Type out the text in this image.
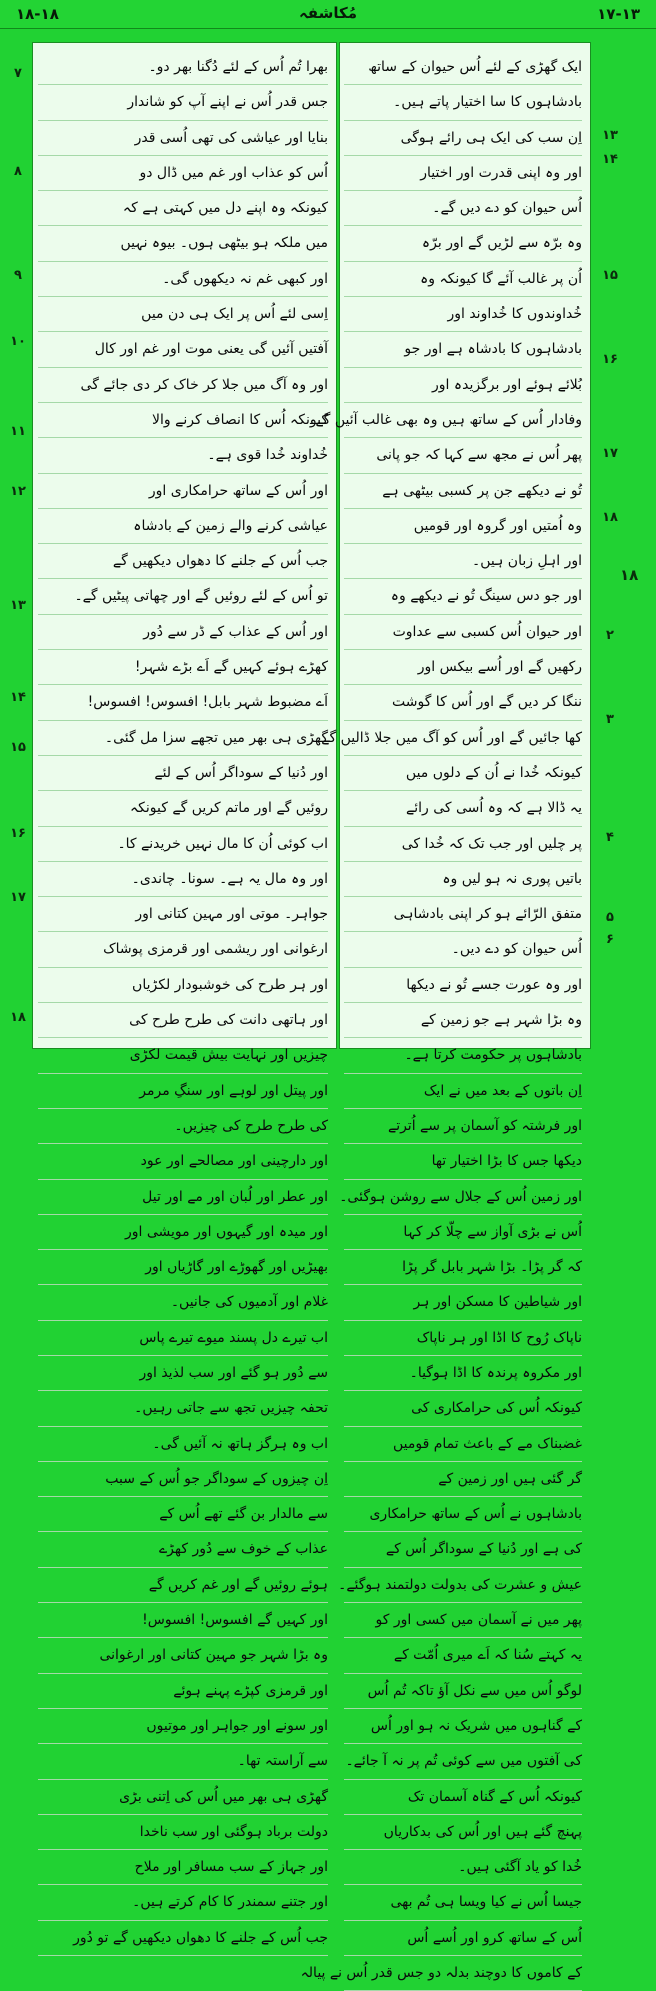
۱۸-۱۸	مُکاشفہ	۱۷-۱۳
ایک گھڑی کے لئے اُس حیوان کے ساتھ
بادشاہوں کا سا اختیار پاتے ہیں۔
اِن سب کی ایک ہی رائے ہوگی
اور وہ اپنی قدرت اور اختیار
اُس حیوان کو دے دیں گے۔
وہ برّہ سے لڑیں گے اور برّہ
اُن پر غالب آئے گا کیونکہ وہ
خُداوندوں کا خُداوند اور
بادشاہوں کا بادشاہ ہے اور جو
بُلائے ہوئے اور برگزیدہ اور
وفادار اُس کے ساتھ ہیں وہ بھی غالب آئیں گے۔
پھر اُس نے مجھ سے کہا کہ جو پانی
تُو نے دیکھے جن پر کسبی بیٹھی ہے
وہ اُمتیں اور گروہ اور قومیں
اور اہلِ زبان ہیں۔
اور جو دس سینگ تُو نے دیکھے وہ
اور حیوان اُس کسبی سے عداوت
رکھیں گے اور اُسے بیکس اور
ننگا کر دیں گے اور اُس کا گوشت
کھا جائیں گے اور اُس کو آگ میں جلا ڈالیں گے۔
کیونکہ خُدا نے اُن کے دلوں میں
یہ ڈالا ہے کہ وہ اُسی کی رائے
پر چلیں اور جب تک کہ خُدا کی
باتیں پوری نہ ہو لیں وہ
متفق الرّائے ہو کر اپنی بادشاہی
اُس حیوان کو دے دیں۔
اور وہ عورت جسے تُو نے دیکھا
وہ بڑا شہر ہے جو زمین کے
بادشاہوں پر حکومت کرتا ہے۔
اِن باتوں کے بعد میں نے ایک
اور فرشتہ کو آسمان پر سے اُترتے
دیکھا جس کا بڑا اختیار تھا
اور زمین اُس کے جلال سے روشن ہوگئی۔
اُس نے بڑی آواز سے چلّا کر کہا
کہ گر پڑا۔ بڑا شہر بابل گر پڑا
اور شیاطین کا مسکن اور ہر
ناپاک رُوح کا اڈا اور ہر ناپاک
اور مکروہ پرندہ کا اڈا ہوگیا۔
کیونکہ اُس کی حرامکاری کی
غضبناک مے کے باعث تمام قومیں
گر گئی ہیں اور زمین کے
بادشاہوں نے اُس کے ساتھ حرامکاری
کی ہے اور دُنیا کے سوداگر اُس کے
عیش و عشرت کی بدولت دولتمند ہوگئے۔
پھر میں نے آسمان میں کسی اور کو
یہ کہتے سُنا کہ اَے میری اُمّت کے
لوگو اُس میں سے نکل آؤ تاکہ تُم اُس
کے گناہوں میں شریک نہ ہو اور اُس
کی آفتوں میں سے کوئی تُم پر نہ آ جائے۔
کیونکہ اُس کے گناہ آسمان تک
پہنچ گئے ہیں اور اُس کی بدکاریاں
خُدا کو یاد آگئی ہیں۔
جیسا اُس نے کیا ویسا ہی تُم بھی
اُس کے ساتھ کرو اور اُسے اُس
کے کاموں کا دوچند بدلہ دو جس قدر اُس نے پیالہ
بھرا تُم اُس کے لئے دُگنا بھر دو۔
جس قدر اُس نے اپنے آپ کو شاندار
بنایا اور عیاشی کی تھی اُسی قدر
اُس کو عذاب اور غم میں ڈال دو
کیونکہ وہ اپنے دل میں کہتی ہے کہ
میں ملکہ ہو بیٹھی ہوں۔ بیوہ نہیں
اور کبھی غم نہ دیکھوں گی۔
اِسی لئے اُس پر ایک ہی دن میں
آفتیں آئیں گی یعنی موت اور غم اور کال
اور وہ آگ میں جلا کر خاک کر دی جائے گی
کیونکہ اُس کا انصاف کرنے والا
خُداوند خُدا قوی ہے۔
اور اُس کے ساتھ حرامکاری اور
عیاشی کرنے والے زمین کے بادشاہ
جب اُس کے جلنے کا دھواں دیکھیں گے
تو اُس کے لئے روئیں گے اور چھاتی پیٹیں گے۔
اور اُس کے عذاب کے ڈر سے دُور
کھڑے ہوئے کہیں گے اَے بڑے شہر!
اَے مضبوط شہر بابل! افسوس! افسوس!
گھڑی ہی بھر میں تجھے سزا مل گئی۔
اور دُنیا کے سوداگر اُس کے لئے
روئیں گے اور ماتم کریں گے کیونکہ
اب کوئی اُن کا مال نہیں خریدنے کا۔
اور وہ مال یہ ہے۔ سونا۔ چاندی۔
جواہر۔ موتی اور مہین کتانی اور
ارغوانی اور ریشمی اور قرمزی پوشاک
اور ہر طرح کی خوشبودار لکڑیاں
اور ہاتھی دانت کی طرح طرح کی
چیزیں اور نہایت بیش قیمت لکڑی
اور پیتل اور لوہے اور سنگِ مرمر
کی طرح طرح کی چیزیں۔
اور دارچینی اور مصالحے اور عود
اور عطر اور لُبان اور مے اور تیل
اور میدہ اور گیہوں اور مویشی اور
بھیڑیں اور گھوڑے اور گاڑیاں اور
غلام اور آدمیوں کی جانیں۔
اب تیرے دل پسند میوے تیرے پاس
سے دُور ہو گئے اور سب لذیذ اور
تحفہ چیزیں تجھ سے جاتی رہیں۔
اب وہ ہرگز ہاتھ نہ آئیں گی۔
اِن چیزوں کے سوداگر جو اُس کے سبب
سے مالدار بن گئے تھے اُس کے
عذاب کے خوف سے دُور کھڑے
ہوئے روئیں گے اور غم کریں گے
اور کہیں گے افسوس! افسوس!
وہ بڑا شہر جو مہین کتانی اور ارغوانی
اور قرمزی کپڑے پہنے ہوئے
اور سونے اور جواہر اور موتیوں
سے آراستہ تھا۔
گھڑی ہی بھر میں اُس کی اِتنی بڑی
دولت برباد ہوگئی اور سب ناخدا
اور جہاز کے سب مسافر اور ملاح
اور جتنے سمندر کا کام کرتے ہیں۔
جب اُس کے جلنے کا دھواں دیکھیں گے تو دُور
۷
۸
۹
۱۰
۱۱
۱۲
۱۳
۱۴
۱۵
۱۶
۱۷
۱۸
۱۳
۱۴
۱۵
۱۶
۱۷
۱۸
۲
۳
۴
۵
۶
۱۸
